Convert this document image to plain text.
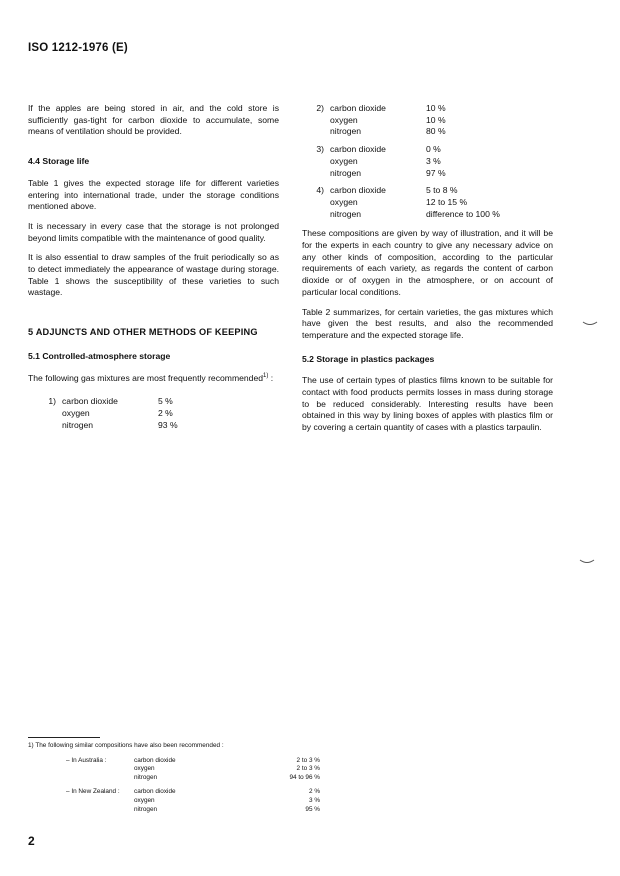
ISO 1212-1976 (E)

If the apples are being stored in air, and the cold store is sufficiently gas-tight for carbon dioxide to accumulate, some means of ventilation should be provided.

4.4 Storage life

Table 1 gives the expected storage life for different varieties entering into international trade, under the storage conditions mentioned above.

It is necessary in every case that the storage is not prolonged beyond limits compatible with the maintenance of good quality.

It is also essential to draw samples of the fruit periodically so as to detect immediately the appearance of wastage during storage. Table 1 shows the susceptibility of these varieties to such wastage.

5 ADJUNCTS AND OTHER METHODS OF KEEPING
5.1 Controlled-atmosphere storage

The following gas mixtures are most frequently recommended$^{1)}$ :

1) carbon dioxide	5 %
oxygen	2 %
nitrogen	93 %
2) carbon dioxide	10 %
oxygen	10 %
nitrogen	80 %
3) carbon dioxide	0 %
oxygen	3 %
nitrogen	97 %
4) carbon dioxide	5 to 8 %
oxygen	12 to 15 %
nitrogen	difference to 100 %

These compositions are given by way of illustration, and it will be for the experts in each country to give any necessary advice on any other kinds of composition, according to the particular requirements of each variety, as regards the content of carbon dioxide or of oxygen in the atmosphere, or on account of particular local conditions.

Table 2 summarizes, for certain varieties, the gas mixtures which have given the best results, and also the recommended temperature and the expected storage life.

5.2 Storage in plastics packages

The use of certain types of plastics films known to be suitable for contact with food products permits losses in mass during storage to be reduced considerably. Interesting results have been obtained in this way by lining boxes of apples with plastics film or by covering a certain quantity of cases with a plastics tarpaulin.

1) The following similar compositions have also been recommended :
– In Australia :	carbon dioxide	2 to 3 %
oxygen	2 to 3 %
nitrogen	94 to 96 %
– In New Zealand :	carbon dioxide	2 %
oxygen	3 %
nitrogen	95 %
2
